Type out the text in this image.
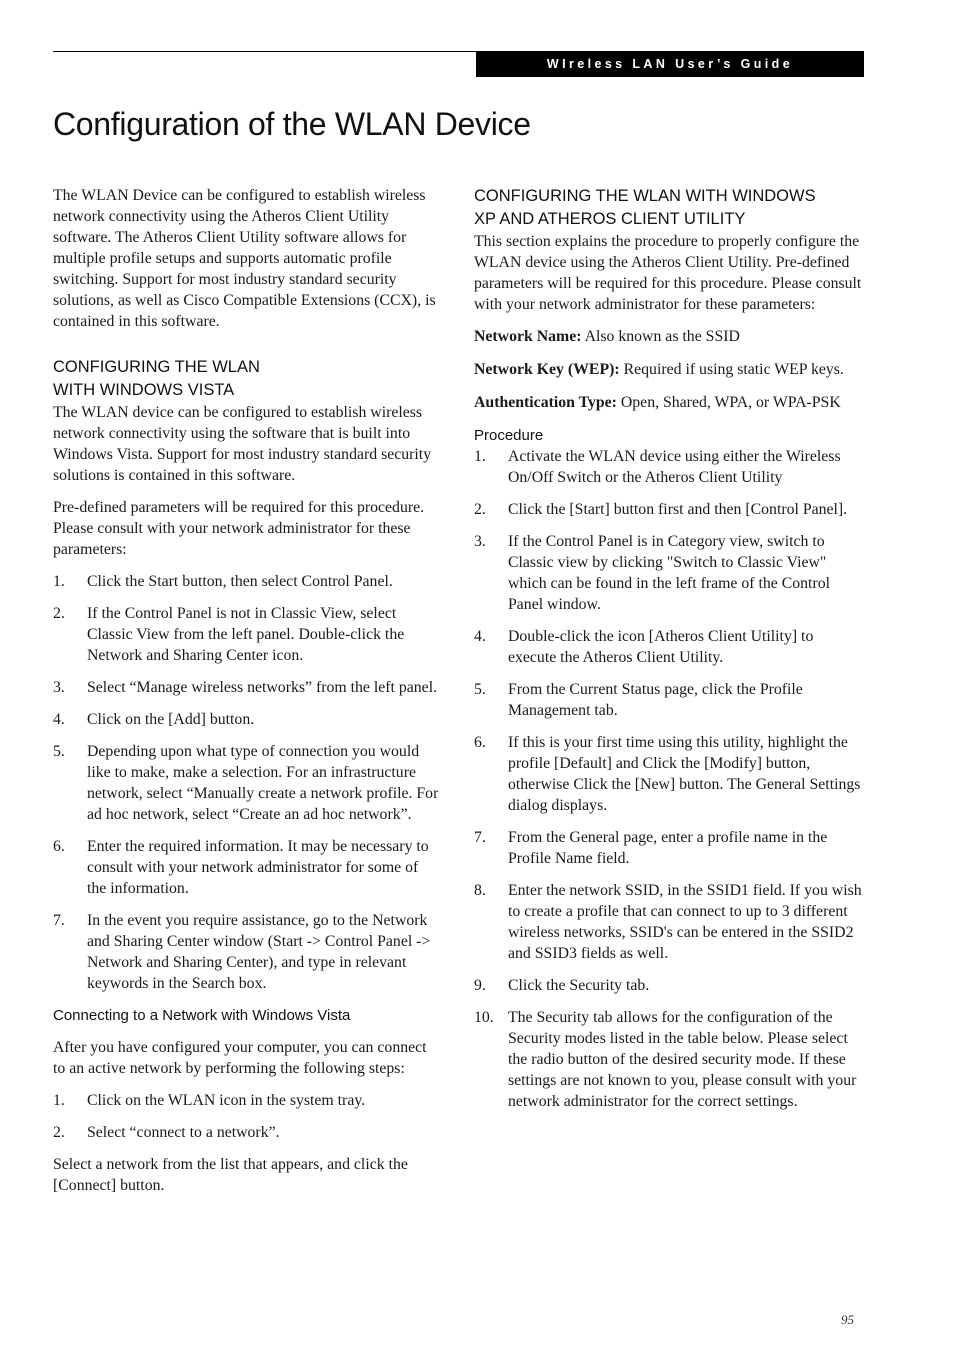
WIreless LAN User’s Guide
Configuration of the WLAN Device

The WLAN Device can be configured to establish wireless network connectivity using the Atheros Client Utility software. The Atheros Client Utility software allows for multiple profile setups and supports automatic profile switching. Support for most industry standard security solutions, as well as Cisco Compatible Extensions (CCX), is contained in this software.

CONFIGURING THE WLAN
WITH WINDOWS VISTA

The WLAN device can be configured to establish wireless network connectivity using the software that is built into Windows Vista. Support for most industry standard security solutions is contained in this software.

Pre-defined parameters will be required for this procedure. Please consult with your network administrator for these parameters:

1.	Click the Start button, then select Control Panel.
2.	If the Control Panel is not in Classic View, select Classic View from the left panel. Double-click the Network and Sharing Center icon.
3.	Select “Manage wireless networks” from the left panel.
4.	Click on the [Add] button.
5.	Depending upon what type of connection you would like to make, make a selection. For an infrastructure network, select “Manually create a network profile. For ad hoc network, select “Create an ad hoc network”.
6.	Enter the required information. It may be necessary to consult with your network administrator for some of the information.
7.	In the event you require assistance, go to the Network and Sharing Center window (Start -> Control Panel -> Network and Sharing Center), and type in relevant keywords in the Search box.
Connecting to a Network with Windows Vista

After you have configured your computer, you can connect to an active network by performing the following steps:

1.	Click on the WLAN icon in the system tray.
2.	Select “connect to a network”.

Select a network from the list that appears, and click the [Connect] button.

CONFIGURING THE WLAN WITH WINDOWS
XP AND ATHEROS CLIENT UTILITY

This section explains the procedure to properly configure the WLAN device using the Atheros Client Utility. Pre-defined parameters will be required for this procedure. Please consult with your network administrator for these parameters:

Network Name: Also known as the SSID
Network Key (WEP): Required if using static WEP keys.
Authentication Type: Open, Shared, WPA, or WPA-PSK
Procedure
1.	Activate the WLAN device using either the Wireless On/Off Switch or the Atheros Client Utility
2.	Click the [Start] button first and then [Control Panel].
3.	If the Control Panel is in Category view, switch to Classic view by clicking "Switch to Classic View" which can be found in the left frame of the Control Panel window.
4.	Double-click the icon [Atheros Client Utility] to execute the Atheros Client Utility.
5.	From the Current Status page, click the Profile Management tab.
6.	If this is your first time using this utility, highlight the profile [Default] and Click the [Modify] button, otherwise Click the [New] button. The General Settings dialog displays.
7.	From the General page, enter a profile name in the Profile Name field.
8.	Enter the network SSID, in the SSID1 field. If you wish to create a profile that can connect to up to 3 different wireless networks, SSID's can be entered in the SSID2 and SSID3 fields as well.
9.	Click the Security tab.
10. The Security tab allows for the configuration of the Security modes listed in the table below. Please select the radio button of the desired security mode. If these settings are not known to you, please consult with your network administrator for the correct settings.
95
